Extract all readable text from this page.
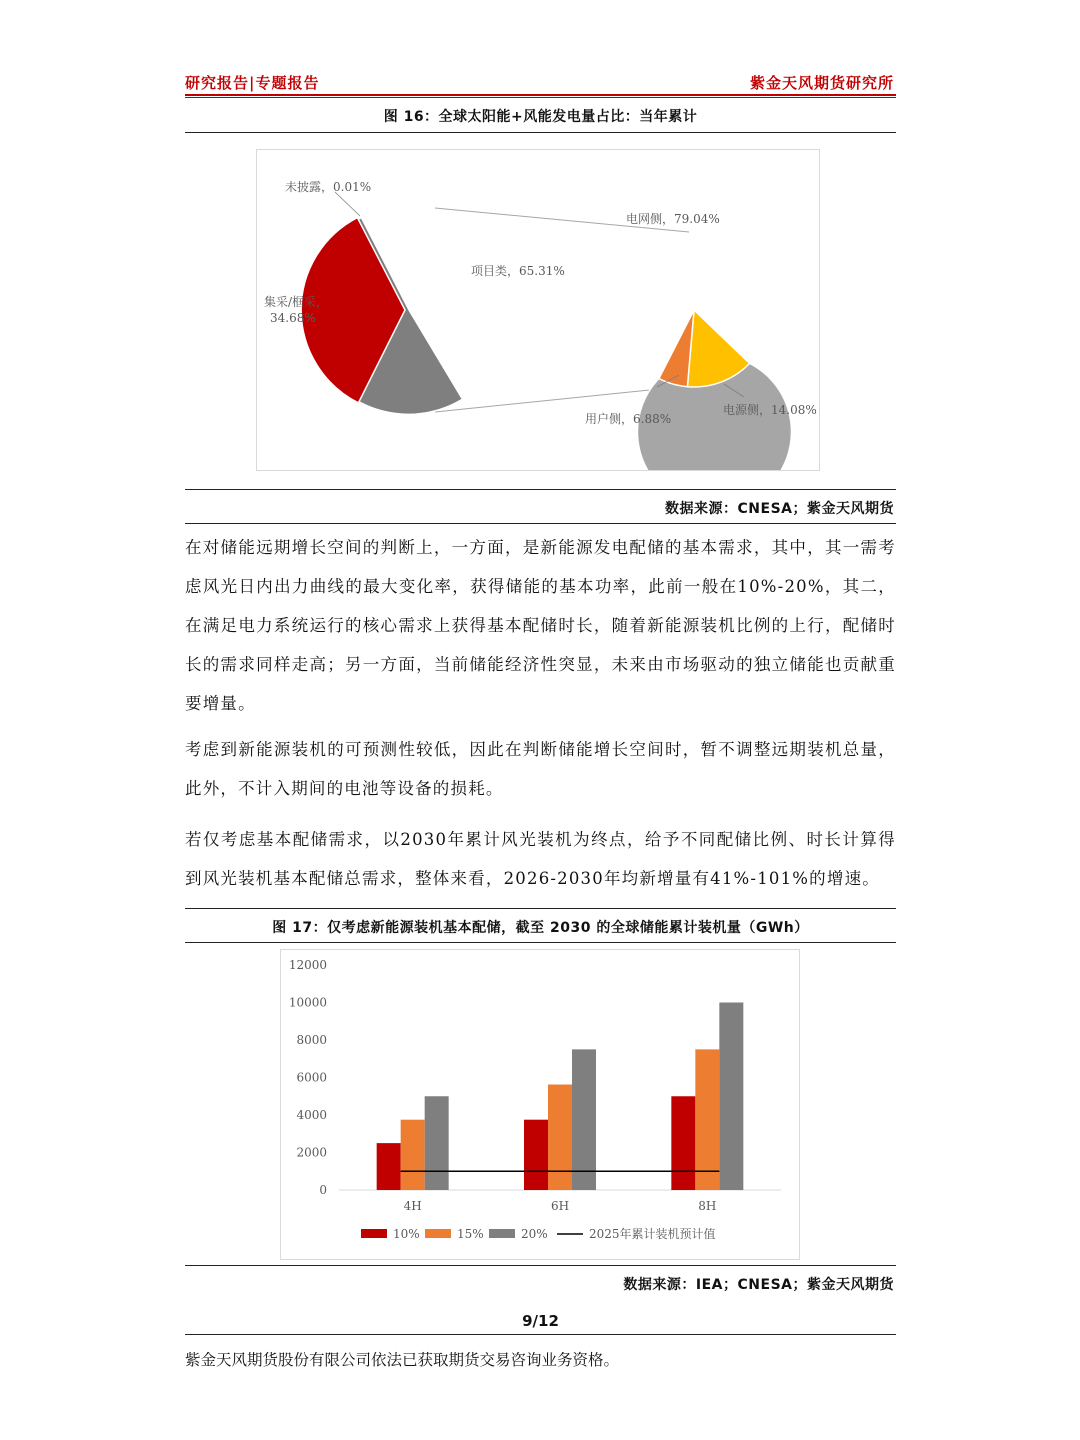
研究报告|专题报告	紫金天风期货研究所
图 16：全球太阳能+风能发电量占比：当年累计
未披露，0.01%
项目类，65.31%
集采/框采，
34.68%
电网侧，79.04%
用户侧，6.88%
电源侧，14.08%
数据来源：CNESA；紫金天风期货

在对储能远期增长空间的判断上，一方面，是新能源发电配储的基本需求，其中，其一需考虑风光日内出力曲线的最大变化率，获得储能的基本功率，此前一般在10%-20%，其二，在满足电力系统运行的核心需求上获得基本配储时长，随着新能源装机比例的上行，配储时长的需求同样走高；另一方面，当前储能经济性突显，未来由市场驱动的独立储能也贡献重要增量。

考虑到新能源装机的可预测性较低，因此在判断储能增长空间时，暂不调整远期装机总量，此外，不计入期间的电池等设备的损耗。

若仅考虑基本配储需求，以2030年累计风光装机为终点，给予不同配储比例、时长计算得到风光装机基本配储总需求，整体来看，2026-2030年均新增量有41%-101%的增速。

图 17：仅考虑新能源装机基本配储，截至 2030 的全球储能累计装机量（GWh）
0
2000
4000
6000
8000
10000
12000
4H	6H	8H
10%	15%	20%	2025年累计装机预计值
数据来源：IEA；CNESA；紫金天风期货
9/12
紫金天风期货股份有限公司依法已获取期货交易咨询业务资格。
